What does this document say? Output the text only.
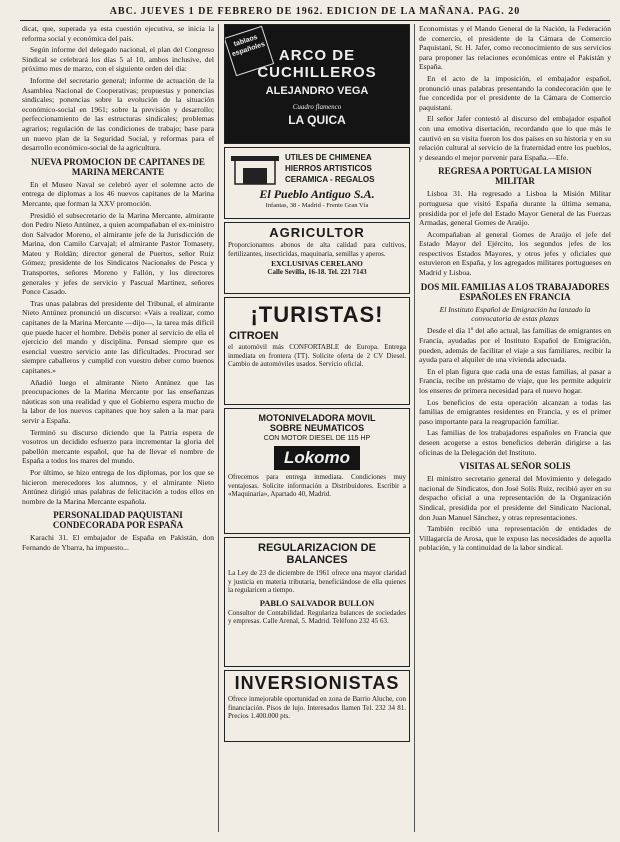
ABC. JUEVES 1 DE FEBRERO DE 1962. EDICION DE LA MAÑANA. PAG. 20

dicat, que, superada ya esta cuestión ejecutiva, se inicia la reforma social y económica del país.

Según informe del delegado nacional, el plan del Congreso Sindical se celebrará los días 5 al 10, ambos inclusive, del próximo mes de marzo, con el siguiente orden del día:

Informe del secretario general; informe de actuación de la Asamblea Nacional de Cooperativas; propuestas y ponencias sindicales; ponencias sobre la evolución de la situación económico-social en 1961; sobre la previsión y desarrollo; perfeccionamiento de las estructuras sindicales; problemas agrarios; regulación de las condiciones de trabajo; base para un nuevo plan de la Seguridad Social, y reformas para el desarrollo económico-social de la agricultura.

NUEVA PROMOCION DE CAPITANES DE MARINA MERCANTE

En el Museo Naval se celebró ayer el solemne acto de entrega de diplomas a los 46 nuevos capitanes de la Marina Mercante, que forman la XXV promoción.

Presidió el subsecretario de la Marina Mercante, almirante don Pedro Nieto Antúnez, a quien acompañaban el ex-ministro don Salvador Moreno, el almirante jefe de la Jurisdicción de Marina, don Camilo Carvajal; el almirante Pastor Tomasety, Mateu y Roldán; director general de Puertos, señor Ruiz Gómez; presidente de los Sindicatos Nacionales de Pesca y Transportes, señores Moreno y Fallón, y los directores generales y jefes de servicio y Pascual Martínez, señores Ponce Casado.

Tras unas palabras del presidente del Tribunal, el almirante Nieto Antúnez pronunció un discurso: «Vais a realizar, como capitanes de la Marina Mercante —dijo—, la tarea más difícil que puede hacer el hombre. Debéis poner al servicio de ella el ejercicio del mando y disciplina. Pensad siempre que es esencial vuestro servicio ante las dificultades. Procurad ser siempre caballeros y cumplid con vuestro deber como buenos capitanes.»

Añadió luego el almirante Nieto Antúnez que las preocupaciones de la Marina Mercante por las enseñanzas náuticas son una realidad y que el Gobierno espera mucho de la labor de los nuevos capitanes que hoy salen a la mar para servir a España.

Terminó su discurso diciendo que la Patria espera de vosotros un decidido esfuerzo para incrementar la gloria del pabellón mercante español, que ha de llevar el nombre de España a todos los mares del mundo.

Por último, se hizo entrega de los diplomas, por los que se hicieron merecedores los alumnos, y el almirante Nieto Antúnez dirigió unas palabras de felicitación a todos ellos en nombre de la Marina Mercante española.

PERSONALIDAD PAQUISTANI CONDECORADA POR ESPAÑA

Karachi 31. El embajador de España en Pakistán, don Fernando de Ybarra, ha impuesto...

tablaos españoles ARCO DE
CUCHILLEROS
ALEJANDRO VEGA
Cuadro flamenco
LA QUICA
UTILES DE CHIMENEA
HIERROS ARTISTICOS
CERAMICA - REGALOS
El Pueblo Antiguo S.A.
Infantas, 38 - Madrid - Frente Gran Vía
AGRICULTOR
Proporcionamos abonos de alta calidad para cultivos, fertilizantes, insecticidas, maquinaria, semillas y aperos.
EXCLUSIVAS CERELANO
Calle Sevilla, 16-18. Tel. 221 7143
¡TURISTAS!
CITROEN
el automóvil más CONFORTABLE de Europa. Entrega inmediata en frontera (TT). Solicite oferta de 2 CV Diesel. Cambio de automóviles usados. Servicio oficial.
MOTONIVELADORA MOVIL
SOBRE NEUMATICOS
CON MOTOR DIESEL DE 115 HP
Lokomo
Ofrecemos para entrega inmediata. Condiciones muy ventajosas. Solicite información a Distribuidores. Escribir a «Maquinaria», Apartado 40, Madrid.
REGULARIZACION DE BALANCES
La Ley de 23 de diciembre de 1961 ofrece una mayor claridad y justicia en materia tributaria, beneficiándose de ella quienes la regularicen a tiempo.
PABLO SALVADOR BULLON
Consultor de Contabilidad. Regulariza balances de sociedades y empresas. Calle Arenal, 5. Madrid. Teléfono 232 45 63.
INVERSIONISTAS
Ofrece inmejorable oportunidad en zona de Barrio Aluche, con financiación. Pisos de lujo. Interesados llamen Tel. 232 34 81. Precios 1.400.000 pts.

Economistas y el Mando General de la Nación, la Federación de comercio, el presidente de la Cámara de Comercio Paquistaní, Sr. H. Jafer, como reconocimiento de sus servicios para proponer las relaciones económicas entre el Pakistán y España.

En el acto de la imposición, el embajador español, pronunció unas palabras presentando la condecoración que le fue concedida por el presidente de la Cámara de Comercio paquistaní.

El señor Jafer contestó al discurso del embajador español con una emotiva disertación, recordando que lo que más le cautivó en su visita fueron los dos países en su historia y en su relación cultural al servicio de la fraternidad entre los pueblos, y deseando el mejor porvenir para España.—Efe.

REGRESA A PORTUGAL LA MISION MILITAR

Lisboa 31. Ha regresado a Lisboa la Misión Militar portuguesa que visitó España durante la última semana, presidida por el jefe del Estado Mayor General de las Fuerzas Armadas, general Gomes de Araújo.

Acompañaban al general Gomes de Araújo el jefe del Estado Mayor del Ejército, los segundos jefes de los respectivos Estados Mayores, y otros jefes y oficiales que estuvieron en España, y los agregados militares portugueses en Madrid y Lisboa.

DOS MIL FAMILIAS A LOS TRABAJADORES ESPAÑOLES EN FRANCIA
El Instituto Español de Emigración ha lanzado la convocatoria de estas plazas

Desde el día 1º del año actual, las familias de emigrantes en Francia, ayudadas por el Instituto Español de Emigración, pueden, además de facilitar el viaje a sus familiares, recibir la ayuda para el alquiler de una vivienda adecuada.

En el plan figura que cada una de estas familias, al pasar a Francia, recibe un préstamo de viaje, que les permite adquirir los enseres de primera necesidad para el nuevo hogar.

Los beneficios de esta operación alcanzan a todas las familias de emigrantes residentes en Francia, y es el primer paso importante para la reagrupación familiar.

Las familias de los trabajadores españoles en Francia que deseen acogerse a estos beneficios deberán dirigirse a las oficinas de la Delegación del Instituto.

VISITAS AL SEÑOR SOLIS

El ministro secretario general del Movimiento y delegado nacional de Sindicatos, don José Solís Ruiz, recibió ayer en su despacho oficial a una representación de la Organización Sindical, presidida por el presidente del Sindicato Nacional, don Juan Manuel Sánchez, y otras representaciones.

También recibió una representación de entidades de Villagarcía de Arosa, que le expuso las necesidades de aquella población, y la continuidad de la labor sindical.
